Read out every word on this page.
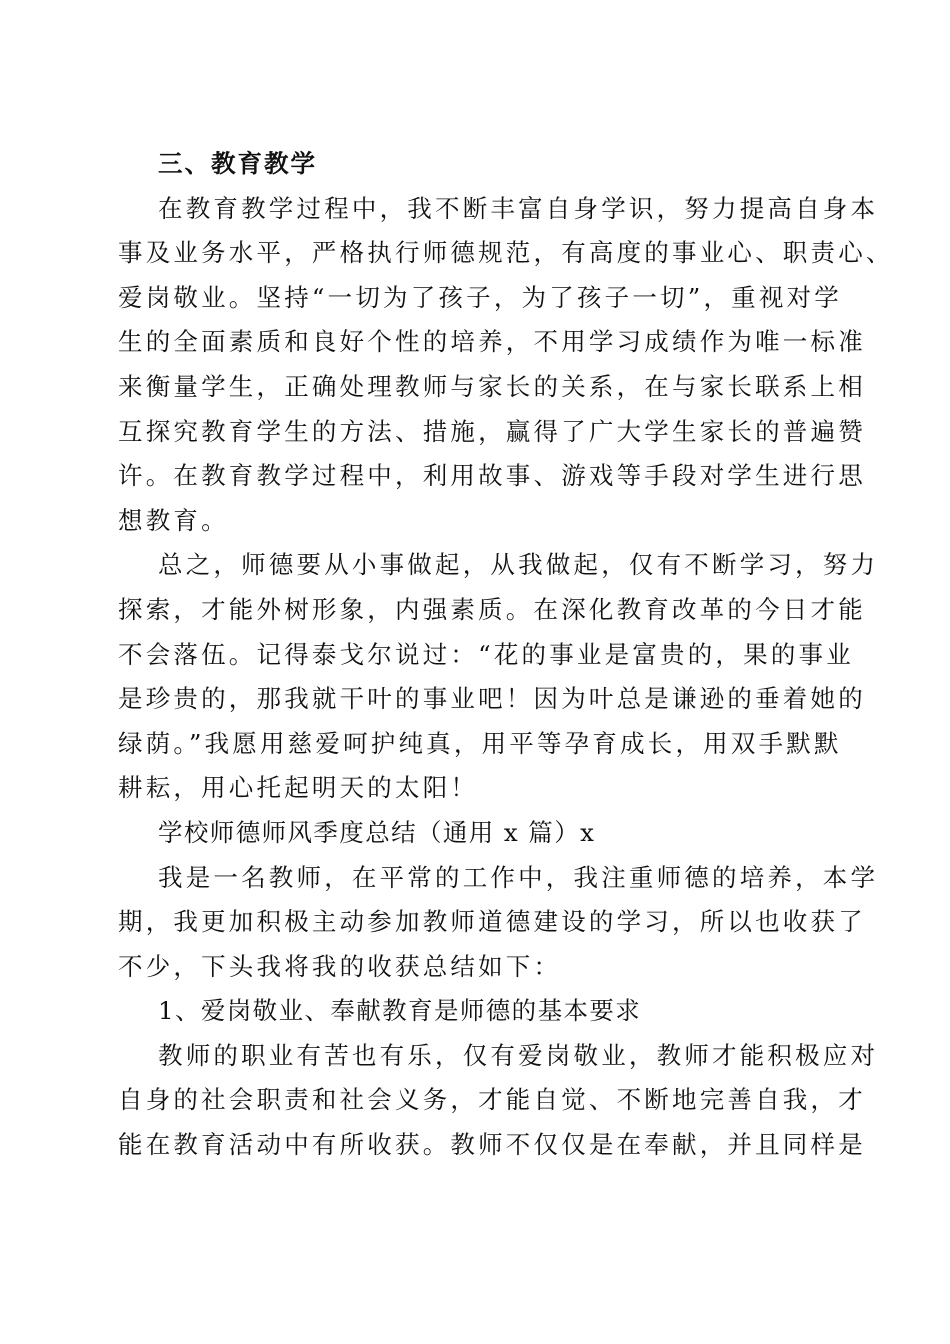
三、教育教学
在教育教学过程中，我不断丰富自身学识，努力提高自身本
事及业务水平，严格执行师德规范，有高度的事业心、职责心、
爱岗敬业。坚持“一切为了孩子，为了孩子一切”，重视对学
生的全面素质和良好个性的培养，不用学习成绩作为唯一标准
来衡量学生，正确处理教师与家长的关系，在与家长联系上相
互探究教育学生的方法、措施，赢得了广大学生家长的普遍赞
许。在教育教学过程中，利用故事、游戏等手段对学生进行思
想教育。
总之，师德要从小事做起，从我做起，仅有不断学习，努力
探索，才能外树形象，内强素质。在深化教育改革的今日才能
不会落伍。记得泰戈尔说过：“花的事业是富贵的，果的事业
是珍贵的，那我就干叶的事业吧！因为叶总是谦逊的垂着她的
绿荫。”我愿用慈爱呵护纯真，用平等孕育成长，用双手默默
耕耘，用心托起明天的太阳！
学校师德师风季度总结（通用 x 篇）x
我是一名教师，在平常的工作中，我注重师德的培养，本学
期，我更加积极主动参加教师道德建设的学习，所以也收获了
不少，下头我将我的收获总结如下：
1、爱岗敬业、奉献教育是师德的基本要求
教师的职业有苦也有乐，仅有爱岗敬业，教师才能积极应对
自身的社会职责和社会义务，才能自觉、不断地完善自我，才
能在教育活动中有所收获。教师不仅仅是在奉献，并且同样是
